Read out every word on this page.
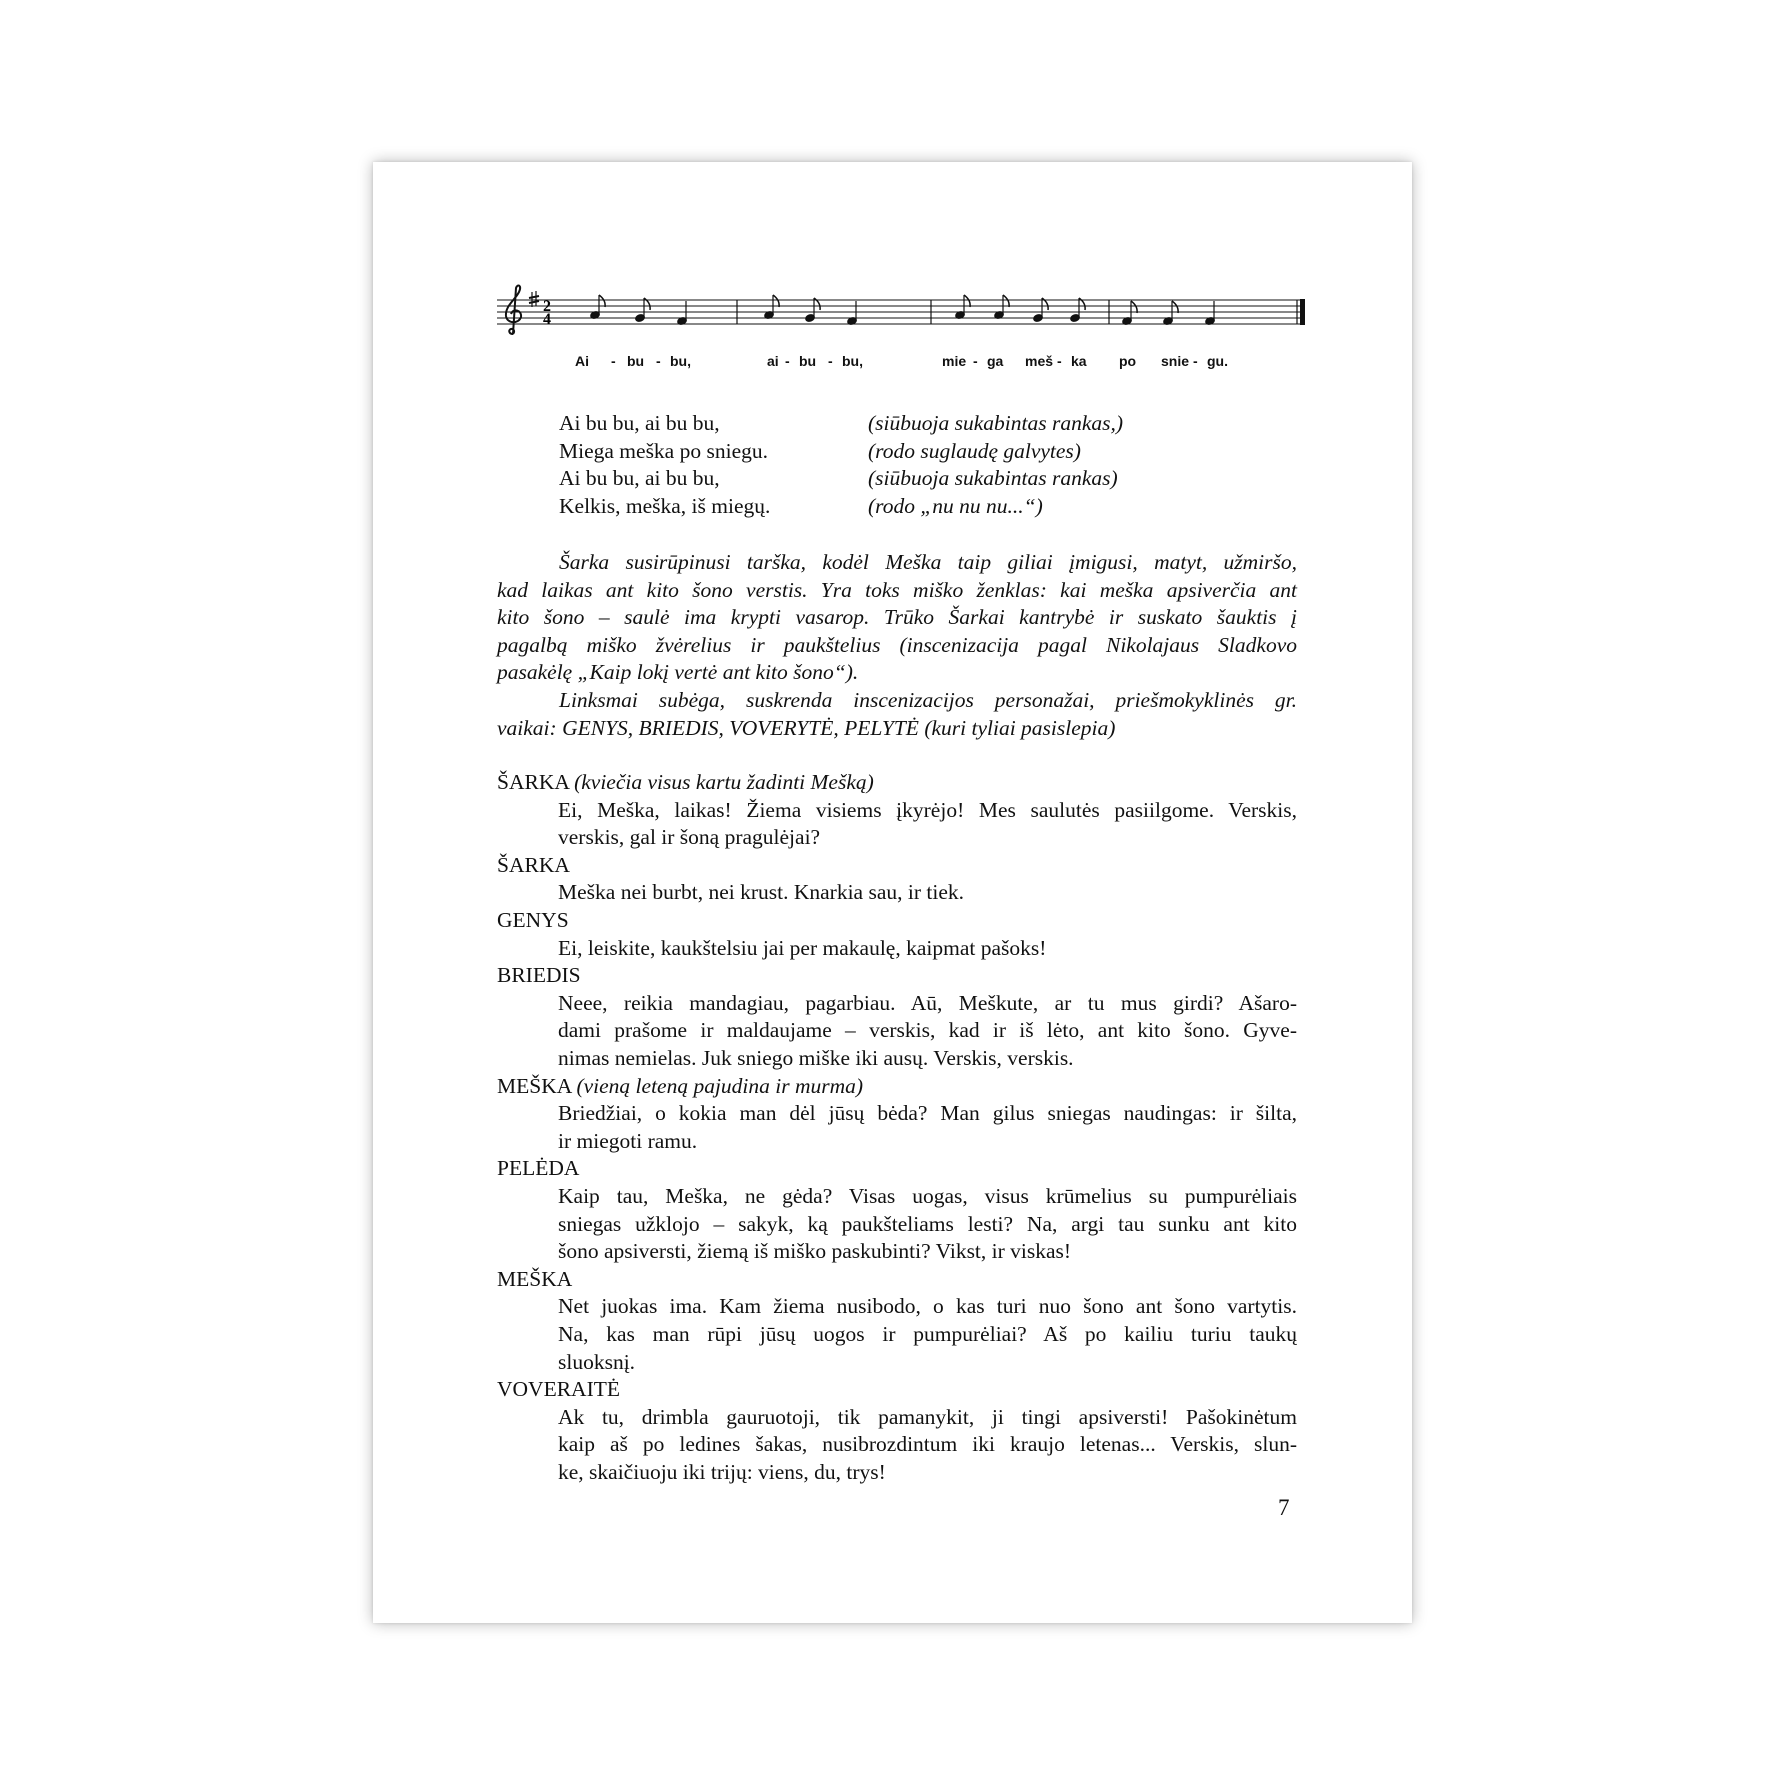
2
4
Ai - bu - bu,	ai - bu - bu,	mie - ga meš - ka po snie - gu.
Ai bu bu, ai bu bu,	(siūbuoja sukabintas rankas,)
Miega meška po sniegu.	(rodo suglaudę galvytes)
Ai bu bu, ai bu bu,	(siūbuoja sukabintas rankas)
Kelkis, meška, iš miegų.	(rodo „nu nu nu...“)
Šarka susirūpinusi tarška, kodėl Meška taip giliai įmigusi, matyt, užmiršo,
kad laikas ant kito šono verstis. Yra toks miško ženklas: kai meška apsiverčia ant
kito šono – saulė ima krypti vasarop. Trūko Šarkai kantrybė ir suskato šauktis į
pagalbą miško žvėrelius ir paukštelius (inscenizacija pagal Nikolajaus Sladkovo
pasakėlę „Kaip lokį vertė ant kito šono“).
Linksmai subėga, suskrenda inscenizacijos personažai, priešmokyklinės gr.
vaikai: GENYS, BRIEDIS, VOVERYTĖ, PELYTĖ (kuri tyliai pasislepia)
ŠARKA (kviečia visus kartu žadinti Mešką)
Ei, Meška, laikas! Žiema visiems įkyrėjo! Mes saulutės pasiilgome. Verskis,
verskis, gal ir šoną pragulėjai?
ŠARKA
Meška nei burbt, nei krust. Knarkia sau, ir tiek.
GENYS
Ei, leiskite, kaukštelsiu jai per makaulę, kaipmat pašoks!
BRIEDIS
Neee, reikia mandagiau, pagarbiau. Aū, Meškute, ar tu mus girdi? Ašaro-
dami prašome ir maldaujame – verskis, kad ir iš lėto, ant kito šono. Gyve-
nimas nemielas. Juk sniego miške iki ausų. Verskis, verskis.
MEŠKA (vieną leteną pajudina ir murma)
Briedžiai, o kokia man dėl jūsų bėda? Man gilus sniegas naudingas: ir šilta,
ir miegoti ramu.
PELĖDA
Kaip tau, Meška, ne gėda? Visas uogas, visus krūmelius su pumpurėliais
sniegas užklojo – sakyk, ką paukšteliams lesti? Na, argi tau sunku ant kito
šono apsiversti, žiemą iš miško paskubinti? Vikst, ir viskas!
MEŠKA
Net juokas ima. Kam žiema nusibodo, o kas turi nuo šono ant šono vartytis.
Na, kas man rūpi jūsų uogos ir pumpurėliai? Aš po kailiu turiu taukų
sluoksnį.
VOVERAITĖ
Ak tu, drimbla gauruotoji, tik pamanykit, ji tingi apsiversti! Pašokinėtum
kaip aš po ledines šakas, nusibrozdintum iki kraujo letenas... Verskis, slun-
ke, skaičiuoju iki trijų: viens, du, trys!
7
